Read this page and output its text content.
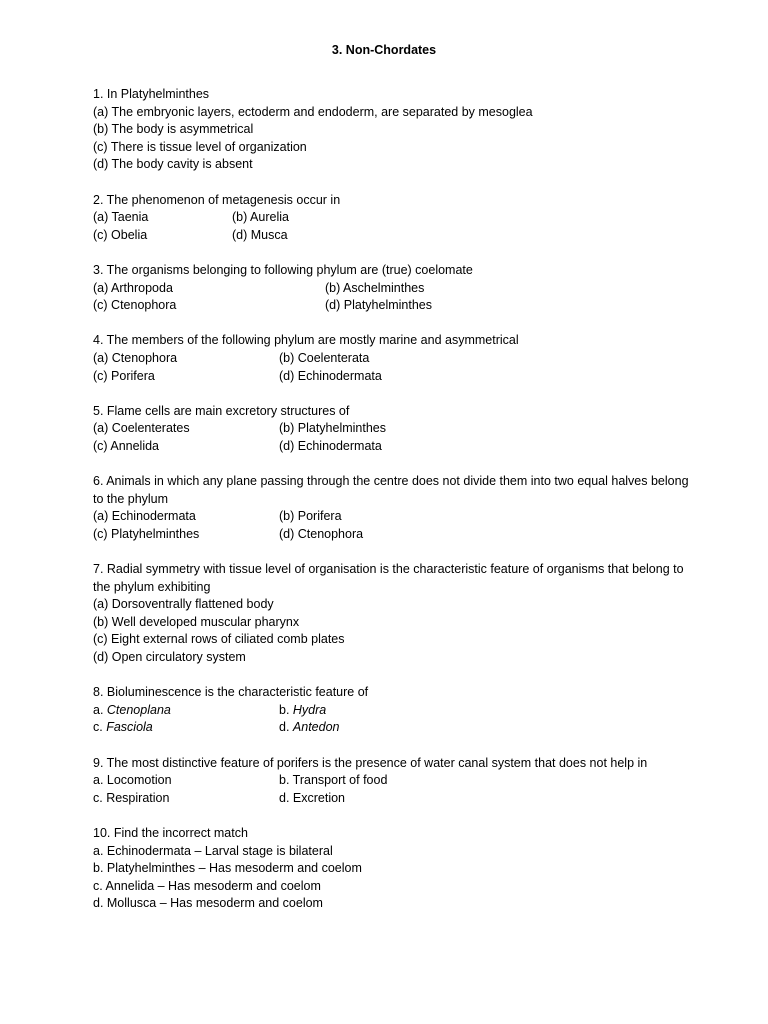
3. Non-Chordates
1. In Platyhelminthes
(a) The embryonic layers, ectoderm and endoderm, are separated by mesoglea
(b) The body is asymmetrical
(c) There is tissue level of organization
(d) The body cavity is absent
2. The phenomenon of metagenesis occur in
(a) Taenia	(b) Aurelia
(c) Obelia	(d) Musca
3. The organisms belonging to following phylum are (true) coelomate
(a) Arthropoda	(b) Aschelminthes
(c) Ctenophora	(d) Platyhelminthes
4. The members of the following phylum are mostly marine and asymmetrical
(a) Ctenophora	(b) Coelenterata
(c) Porifera	(d) Echinodermata
5. Flame cells are main excretory structures of
(a) Coelenterates	(b) Platyhelminthes
(c) Annelida	(d) Echinodermata
6. Animals in which any plane passing through the centre does not divide them into two equal halves belong to the phylum
(a) Echinodermata	(b) Porifera
(c) Platyhelminthes	(d) Ctenophora
7. Radial symmetry with tissue level of organisation is the characteristic feature of organisms that belong to the phylum exhibiting
(a) Dorsoventrally flattened body
(b) Well developed muscular pharynx
(c) Eight external rows of ciliated comb plates
(d) Open circulatory system
8. Bioluminescence is the characteristic feature of
a. Ctenoplana	b. Hydra
c. Fasciola	d. Antedon
9. The most distinctive feature of porifers is the presence of water canal system that does not help in
a. Locomotion	b. Transport of food
c. Respiration	d. Excretion
10. Find the incorrect match
a. Echinodermata – Larval stage is bilateral
b. Platyhelminthes – Has mesoderm and coelom
c. Annelida – Has mesoderm and coelom
d. Mollusca – Has mesoderm and coelom
